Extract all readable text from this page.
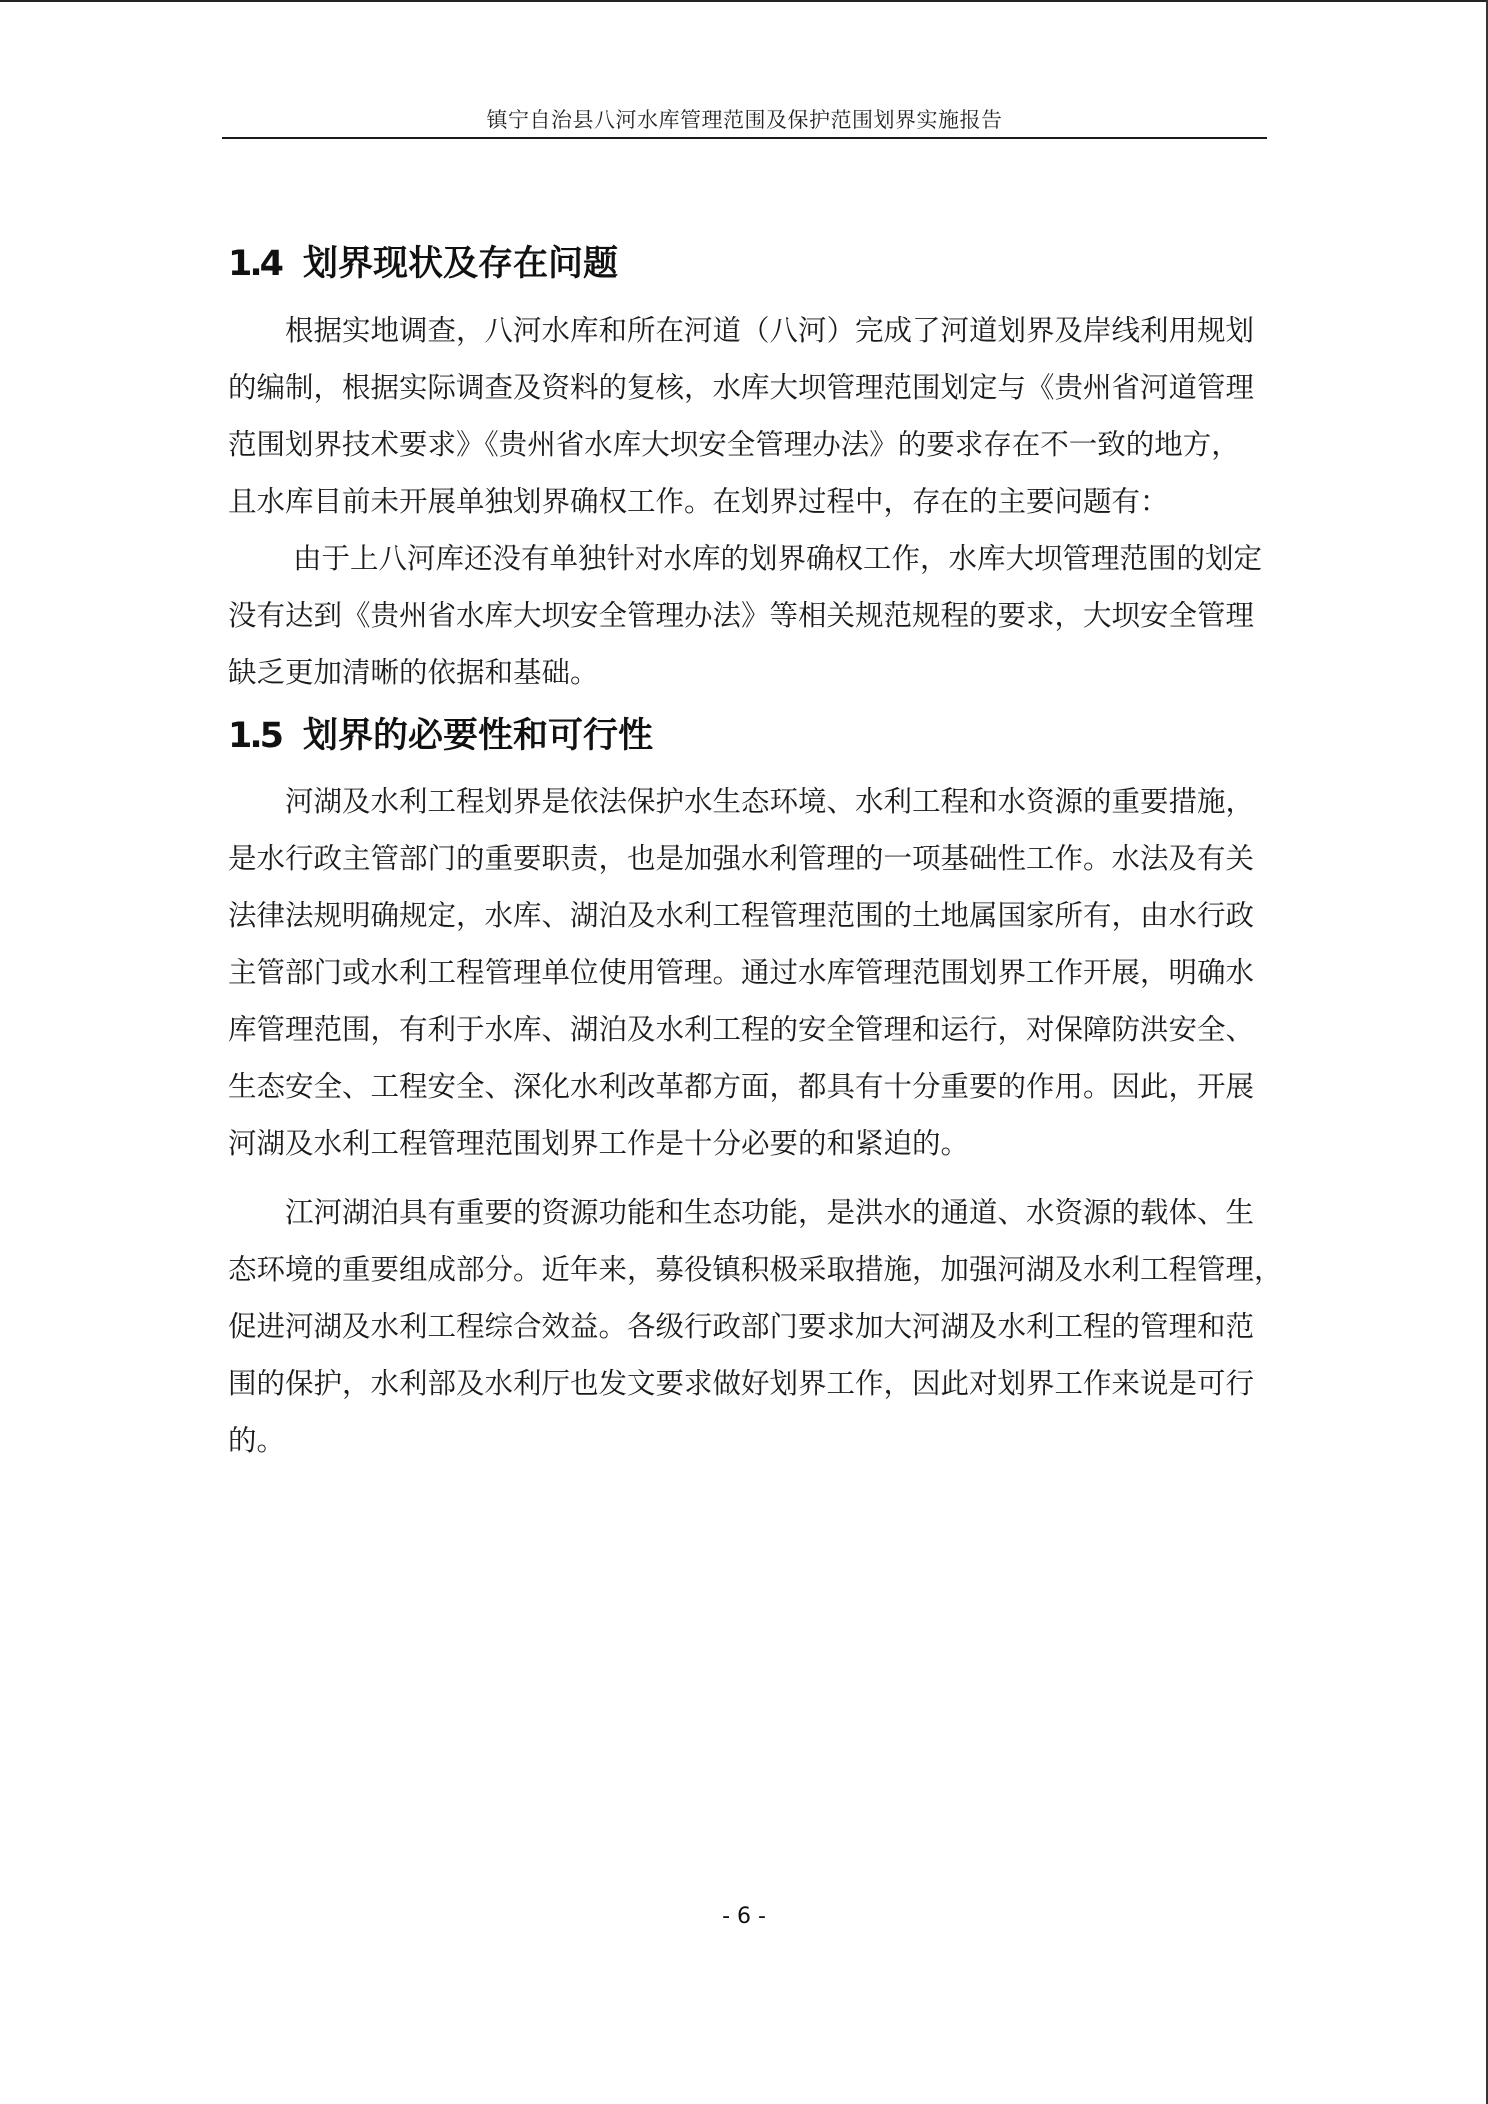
镇宁自治县八河水库管理范围及保护范围划界实施报告
1.4 划界现状及存在问题
根据实地调查，八河水库和所在河道（八河）完成了河道划界及岸线利用规划
的编制，根据实际调查及资料的复核，水库大坝管理范围划定与《贵州省河道管理
范围划界技术要求》《贵州省水库大坝安全管理办法》的要求存在不一致的地方，
且水库目前未开展单独划界确权工作。在划界过程中，存在的主要问题有：
由于上八河库还没有单独针对水库的划界确权工作，水库大坝管理范围的划定
没有达到《贵州省水库大坝安全管理办法》等相关规范规程的要求，大坝安全管理
缺乏更加清晰的依据和基础。
1.5 划界的必要性和可行性
河湖及水利工程划界是依法保护水生态环境、水利工程和水资源的重要措施，
是水行政主管部门的重要职责，也是加强水利管理的一项基础性工作。水法及有关
法律法规明确规定，水库、湖泊及水利工程管理范围的土地属国家所有，由水行政
主管部门或水利工程管理单位使用管理。通过水库管理范围划界工作开展，明确水
库管理范围，有利于水库、湖泊及水利工程的安全管理和运行，对保障防洪安全、
生态安全、工程安全、深化水利改革都方面，都具有十分重要的作用。因此，开展
河湖及水利工程管理范围划界工作是十分必要的和紧迫的。
江河湖泊具有重要的资源功能和生态功能，是洪水的通道、水资源的载体、生
态环境的重要组成部分。近年来，募役镇积极采取措施，加强河湖及水利工程管理，
促进河湖及水利工程综合效益。各级行政部门要求加大河湖及水利工程的管理和范
围的保护，水利部及水利厅也发文要求做好划界工作，因此对划界工作来说是可行
的。
- 6 -
